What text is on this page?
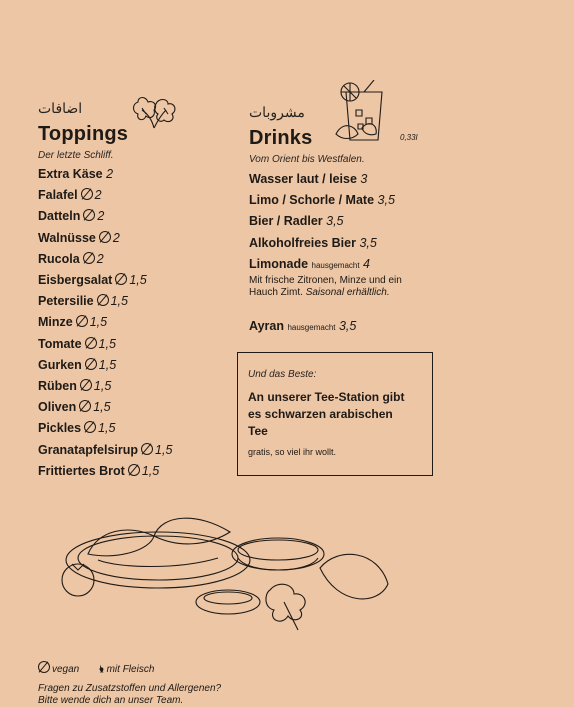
اضافات
Toppings
Der letzte Schliff.
Extra Käse 2
Falafel 2
Datteln 2
Walnüsse 2
Rucola 2
Eisbergsalat 1,5
Petersilie 1,5
Minze 1,5
Tomate 1,5
Gurken 1,5
Rüben 1,5
Oliven 1,5
Pickles 1,5
Granatapfelsirup 1,5
Frittiertes Brot 1,5
مشروبات
Drinks	0,33l
Vom Orient bis Westfalen.
Wasser laut / leise 3
Limo / Schorle / Mate 3,5
Bier / Radler 3,5
Alkoholfreies Bier 3,5
Limonade hausgemacht 4
Mit frische Zitronen, Minze und ein Hauch Zimt. Saisonal erhältlich.
Ayran hausgemacht 3,5
Und das Beste:
An unserer Tee-Station gibt es schwarzen arabischen Tee
gratis, so viel ihr wollt.
vegan 🖢 mit Fleisch
Fragen zu Zusatzstoffen und Allergenen?
Bitte wende dich an unser Team.
